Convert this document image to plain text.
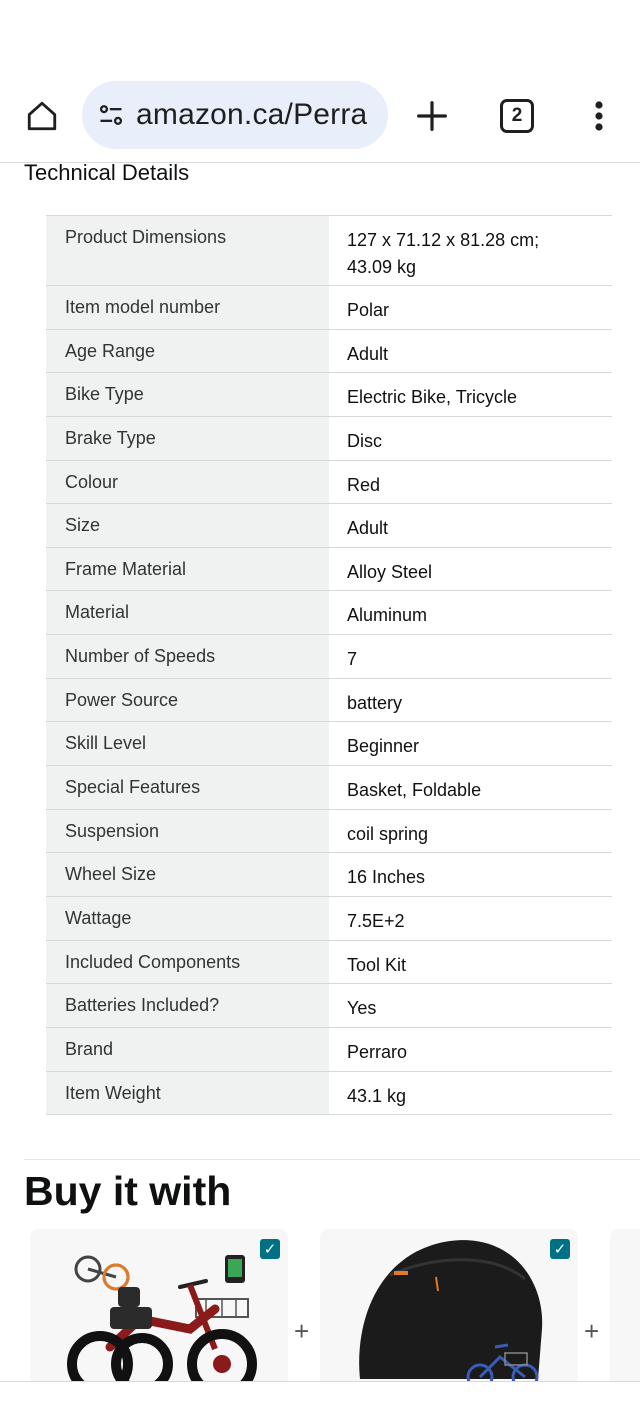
amazon.ca/Perra	2
Technical Details
Product Dimensions	127 x 71.12 x 81.28 cm; 43.09 kg
Item model number	Polar
Age Range	Adult
Bike Type	Electric Bike, Tricycle
Brake Type	Disc
Colour	Red
Size	Adult
Frame Material	Alloy Steel
Material	Aluminum
Number of Speeds	7
Power Source	battery
Skill Level	Beginner
Special Features	Basket, Foldable
Suspension	coil spring
Wheel Size	16 Inches
Wattage	7.5E+2
Included Components	Tool Kit
Batteries Included?	Yes
Brand	Perraro
Item Weight	43.1 kg
Buy it with
✓
+
✓
+
